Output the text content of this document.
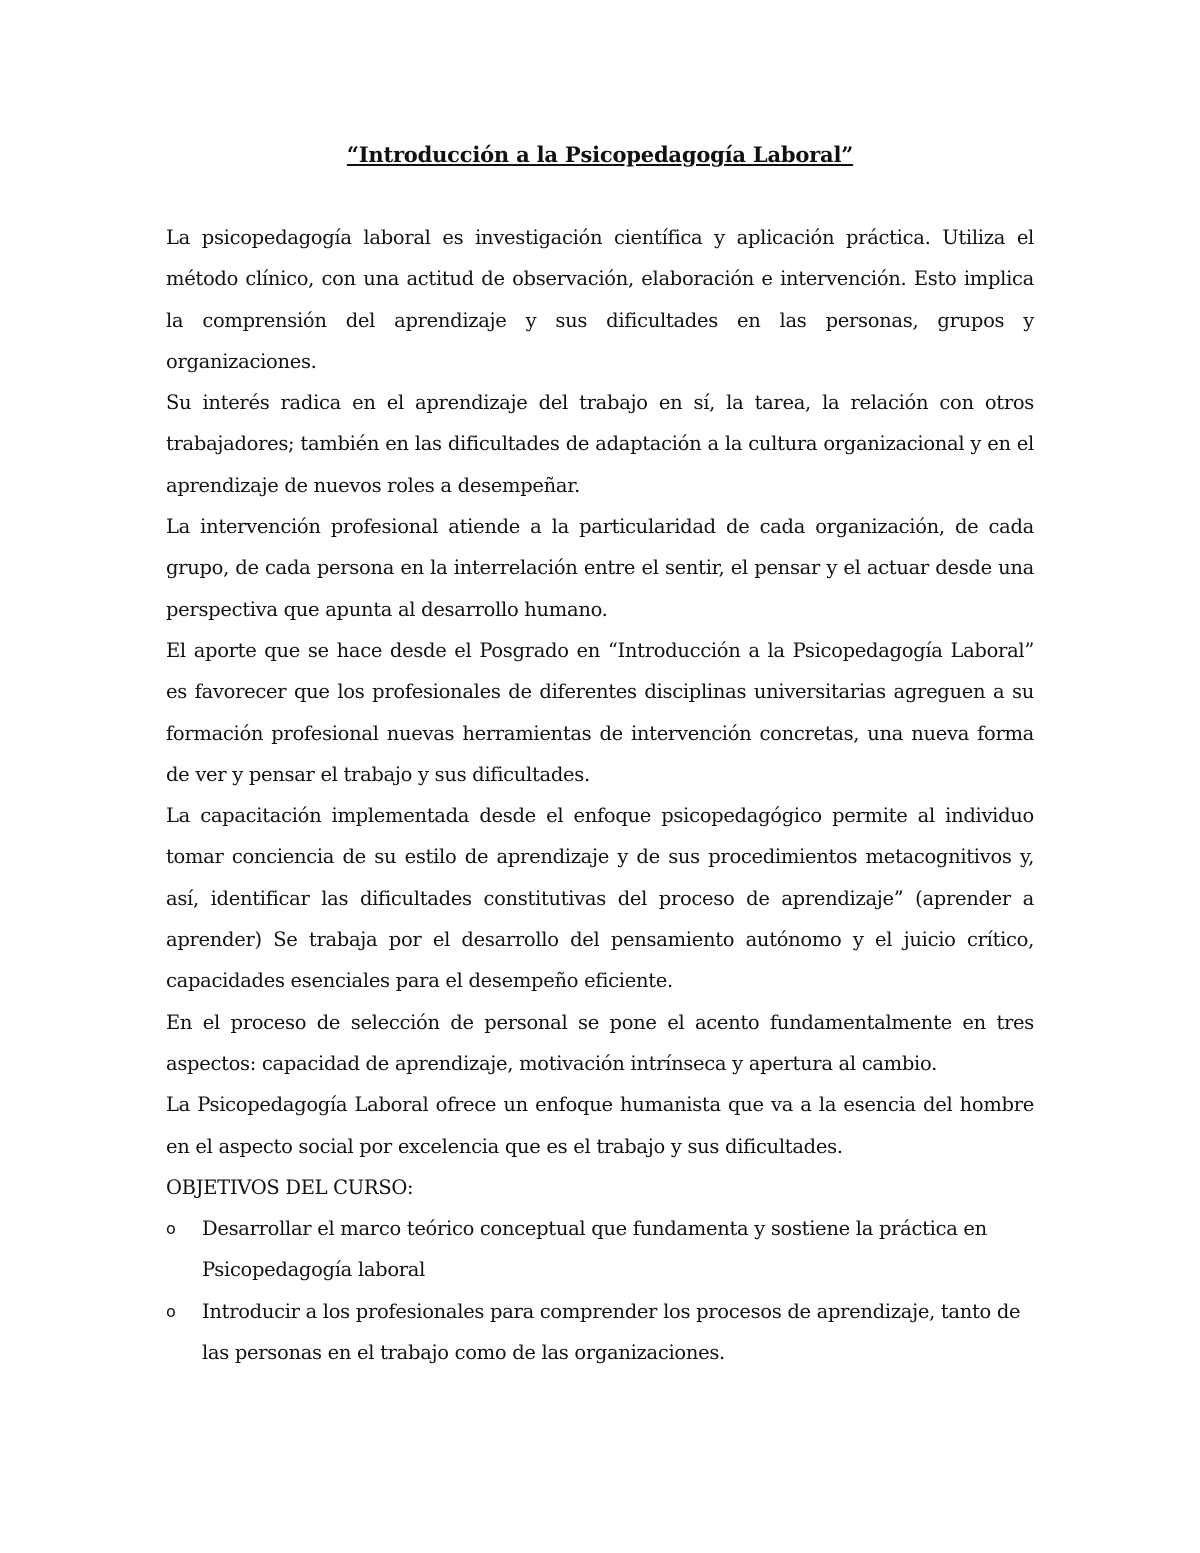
“Introducción a la Psicopedagogía Laboral”

La psicopedagogía laboral es investigación científica y aplicación práctica. Utiliza el método clínico, con una actitud de observación, elaboración e intervención. Esto implica la comprensión del aprendizaje y sus dificultades en las personas, grupos y organizaciones.

Su interés radica en el aprendizaje del trabajo en sí, la tarea, la relación con otros trabajadores; también en las dificultades de adaptación a la cultura organizacional y en el aprendizaje de nuevos roles a desempeñar.

La intervención profesional atiende a la particularidad de cada organización, de cada grupo, de cada persona en la interrelación entre el sentir, el pensar y el actuar desde una perspectiva que apunta al desarrollo humano.

El aporte que se hace desde el Posgrado en “Introducción a la Psicopedagogía Laboral” es favorecer que los profesionales de diferentes disciplinas universitarias agreguen a su formación profesional nuevas herramientas de intervención concretas, una nueva forma de ver y pensar el trabajo y sus dificultades.

La capacitación implementada desde el enfoque psicopedagógico permite al individuo tomar conciencia de su estilo de aprendizaje y de sus procedimientos metacognitivos y, así, identificar las dificultades constitutivas del proceso de aprendizaje” (aprender a aprender) Se trabaja por el desarrollo del pensamiento autónomo y el juicio crítico, capacidades esenciales para el desempeño eficiente.

En el proceso de selección de personal se pone el acento fundamentalmente en tres aspectos: capacidad de aprendizaje, motivación intrínseca y apertura al cambio.

La Psicopedagogía Laboral ofrece un enfoque humanista que va a la esencia del hombre en el aspecto social por excelencia que es el trabajo y sus dificultades.

OBJETIVOS DEL CURSO:

o	Desarrollar el marco teórico conceptual que fundamenta y sostiene la práctica en Psicopedagogía laboral
o	Introducir a los profesionales para comprender los procesos de aprendizaje, tanto de las personas en el trabajo como de las organizaciones.
